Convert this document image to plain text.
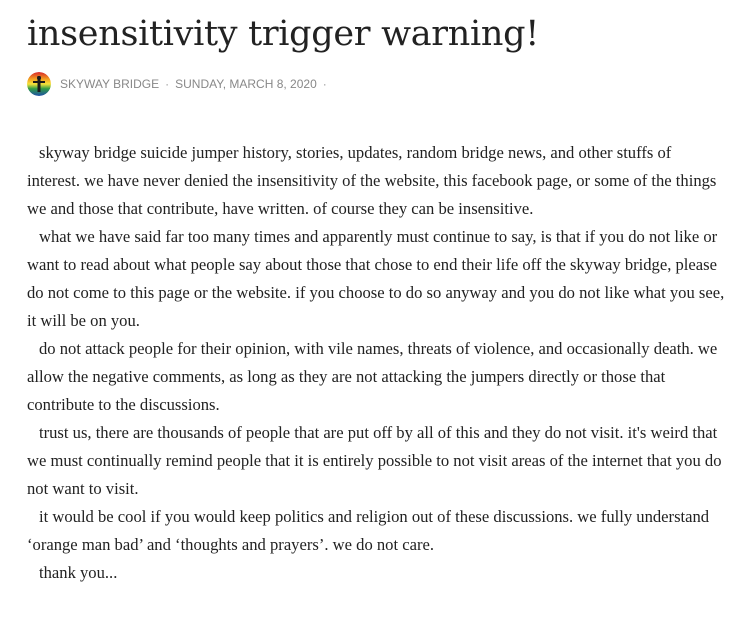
insensitivity trigger warning!
SKYWAY BRIDGE · SUNDAY, MARCH 8, 2020 ·

skyway bridge suicide jumper history, stories, updates, random bridge news, and other stuffs of interest. we have never denied the insensitivity of the website, this facebook page, or some of the things we and those that contribute, have written. of course they can be insensitive.

what we have said far too many times and apparently must continue to say, is that if you do not like or want to read about what people say about those that chose to end their life off the skyway bridge, please do not come to this page or the website. if you choose to do so anyway and you do not like what you see, it will be on you.

do not attack people for their opinion, with vile names, threats of violence, and occasionally death. we allow the negative comments, as long as they are not attacking the jumpers directly or those that contribute to the discussions.

trust us, there are thousands of people that are put off by all of this and they do not visit. it's weird that we must continually remind people that it is entirely possible to not visit areas of the internet that you do not want to visit.

it would be cool if you would keep politics and religion out of these discussions. we fully understand ‘orange man bad’ and ‘thoughts and prayers’. we do not care.

thank you...
